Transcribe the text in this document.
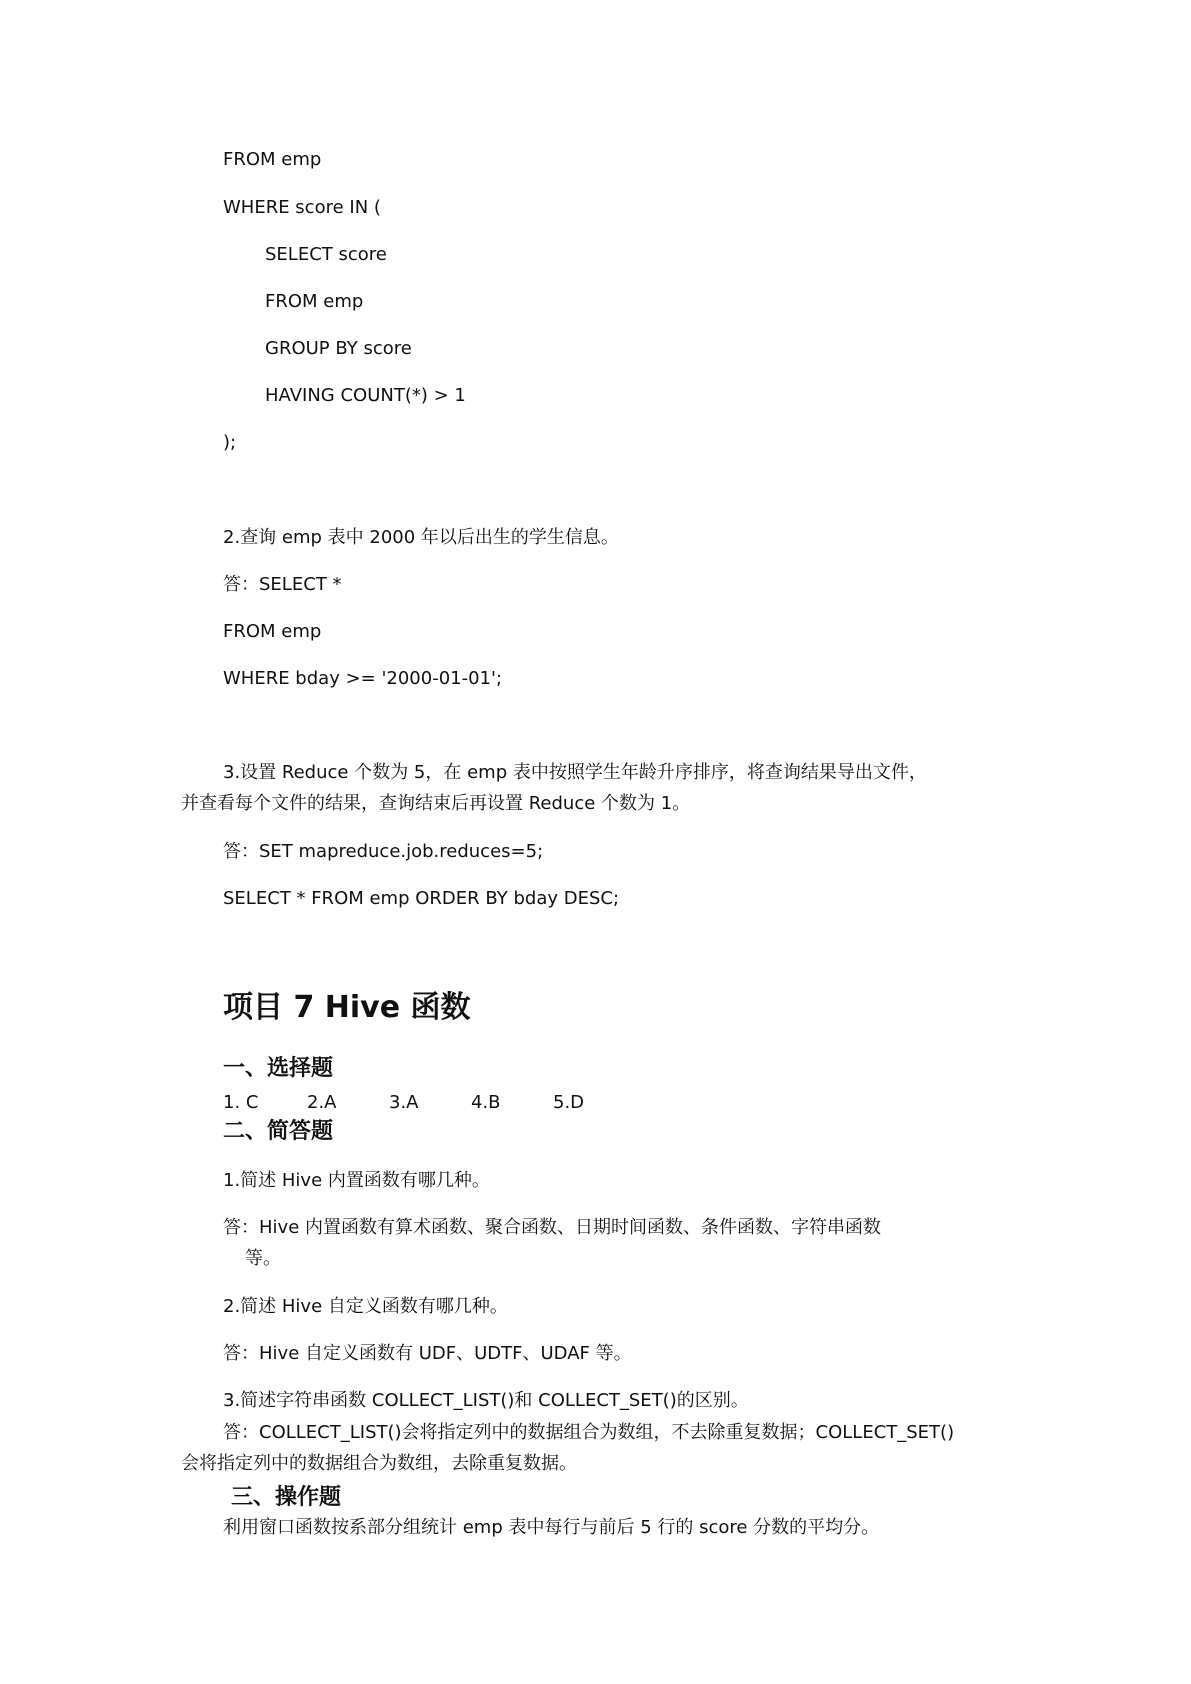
FROM emp

WHERE score IN (

SELECT score

FROM emp

GROUP BY score

HAVING COUNT(*) > 1

);

2.查询 emp 表中 2000 年以后出生的学生信息。

答：SELECT *

FROM emp

WHERE bday >= '2000-01-01';

3.设置 Reduce 个数为 5，在 emp 表中按照学生年龄升序排序，将查询结果导出文件，

并查看每个文件的结果，查询结束后再设置 Reduce 个数为 1。

答：SET mapreduce.job.reduces=5;

SELECT * FROM emp ORDER BY bday DESC;

项目 7 Hive 函数
一、选择题
1. C	2.A	3.A	4.B	5.D
二、简答题

1.简述 Hive 内置函数有哪几种。

答：Hive 内置函数有算术函数、聚合函数、日期时间函数、条件函数、字符串函数

等。

2.简述 Hive 自定义函数有哪几种。

答：Hive 自定义函数有 UDF、UDTF、UDAF 等。

3.简述字符串函数 COLLECT_LIST()和 COLLECT_SET()的区别。

答：COLLECT_LIST()会将指定列中的数据组合为数组，不去除重复数据；COLLECT_SET()

会将指定列中的数据组合为数组，去除重复数据。

三、操作题

利用窗口函数按系部分组统计 emp 表中每行与前后 5 行的 score 分数的平均分。
